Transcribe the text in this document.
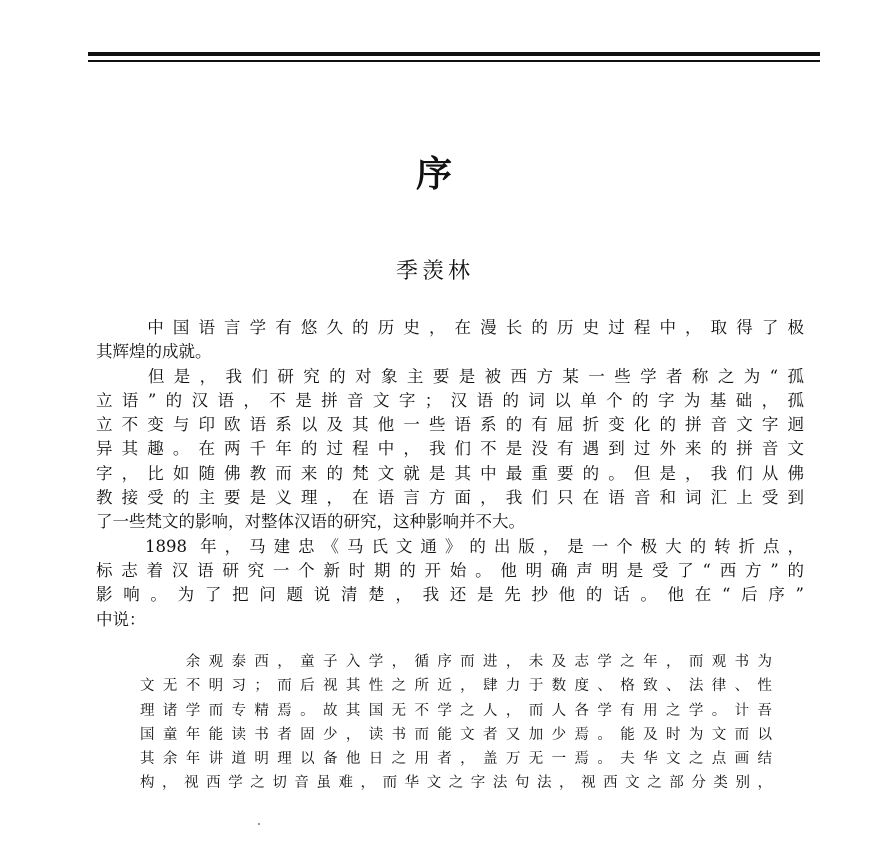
序
季羡林
　　中国语言学有悠久的历史，在漫长的历史过程中，取得了极
其辉煌的成就。
　　但是，我们研究的对象主要是被西方某一些学者称之为“孤
立语”的汉语，不是拼音文字；汉语的词以单个的字为基础，孤
立不变与印欧语系以及其他一些语系的有屈折变化的拼音文字迥
异其趣。在两千年的过程中，我们不是没有遇到过外来的拼音文
字，比如随佛教而来的梵文就是其中最重要的。但是，我们从佛
教接受的主要是义理，在语言方面，我们只在语音和词汇上受到
了一些梵文的影响，对整体汉语的研究，这种影响并不大。
　　1898 年，马建忠《马氏文通》的出版，是一个极大的转折点，
标志着汉语研究一个新时期的开始。他明确声明是受了“西方”的
影响。为了把问题说清楚，我还是先抄他的话。他在“后序”
中说：
　　余观泰西，童子入学，循序而进，未及志学之年，而观书为
文无不明习；而后视其性之所近，肆力于数度、格致、法律、性
理诸学而专精焉。故其国无不学之人，而人各学有用之学。计吾
国童年能读书者固少，读书而能文者又加少焉。能及时为文而以
其余年讲道明理以备他日之用者，盖万无一焉。夫华文之点画结
构，视西学之切音虽难，而华文之字法句法，视西文之部分类别，
